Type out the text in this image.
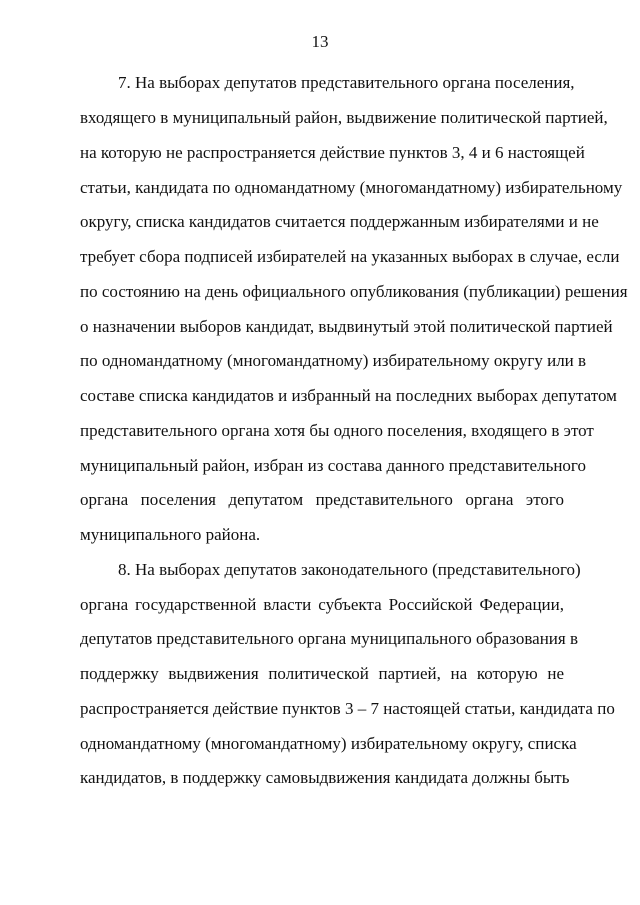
13
7. На выборах депутатов представительного органа поселения,
входящего в муниципальный район, выдвижение политической партией,
на которую не распространяется действие пунктов 3, 4 и 6 настоящей
статьи, кандидата по одномандатному (многомандатному) избирательному
округу, списка кандидатов считается поддержанным избирателями и не
требует сбора подписей избирателей на указанных выборах в случае, если
по состоянию на день официального опубликования (публикации) решения
о назначении выборов кандидат, выдвинутый этой политической партией
по одномандатному (многомандатному) избирательному округу или в
составе списка кандидатов и избранный на последних выборах депутатом
представительного органа хотя бы одного поселения, входящего в этот
муниципальный район, избран из состава данного представительного
органа поселения депутатом представительного органа этого
муниципального района.
8. На выборах депутатов законодательного (представительного)
органа государственной власти субъекта Российской Федерации,
депутатов представительного органа муниципального образования в
поддержку выдвижения политической партией, на которую не
распространяется действие пунктов 3 – 7 настоящей статьи, кандидата по
одномандатному (многомандатному) избирательному округу, списка
кандидатов, в поддержку самовыдвижения кандидата должны быть
